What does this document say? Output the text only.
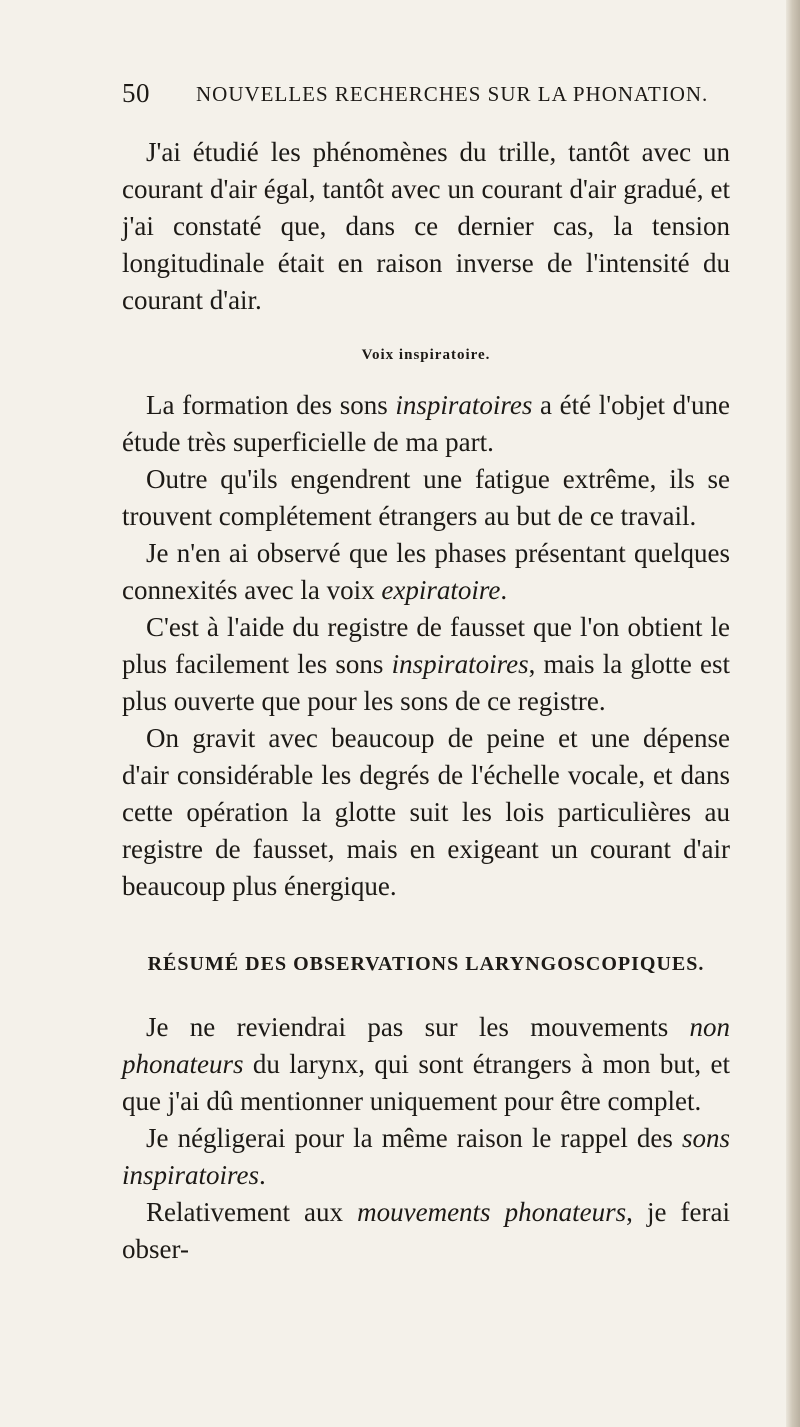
50 NOUVELLES RECHERCHES SUR LA PHONATION.

J'ai étudié les phénomènes du trille, tantôt avec un courant d'air égal, tantôt avec un courant d'air gradué, et j'ai constaté que, dans ce dernier cas, la tension longitudinale était en raison inverse de l'intensité du courant d'air.

Voix inspiratoire.

La formation des sons inspiratoires a été l'objet d'une étude très superficielle de ma part.

Outre qu'ils engendrent une fatigue extrême, ils se trouvent complétement étrangers au but de ce travail.

Je n'en ai observé que les phases présentant quelques connexités avec la voix expiratoire.

C'est à l'aide du registre de fausset que l'on obtient le plus facilement les sons inspiratoires, mais la glotte est plus ouverte que pour les sons de ce registre.

On gravit avec beaucoup de peine et une dépense d'air considérable les degrés de l'échelle vocale, et dans cette opération la glotte suit les lois particulières au registre de fausset, mais en exigeant un courant d'air beaucoup plus énergique.

RÉSUMÉ DES OBSERVATIONS LARYNGOSCOPIQUES.

Je ne reviendrai pas sur les mouvements non phonateurs du larynx, qui sont étrangers à mon but, et que j'ai dû mentionner uniquement pour être complet.

Je négligerai pour la même raison le rappel des sons inspiratoires.

Relativement aux mouvements phonateurs, je ferai obser-
